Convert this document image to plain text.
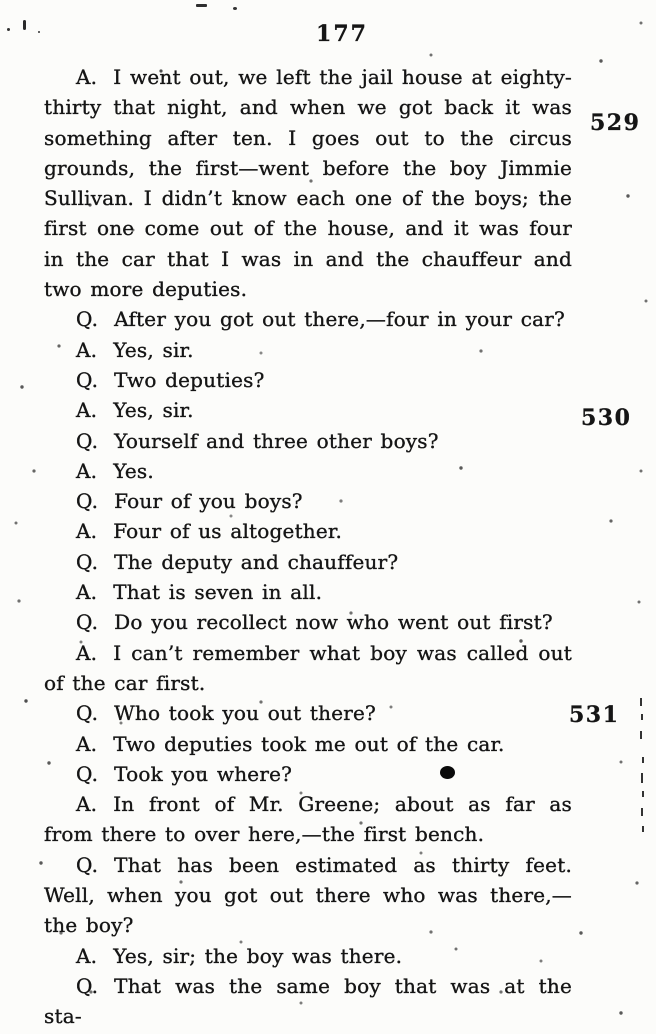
177
529
530
531

A. I went out, we left the jail house at eighty-thirty that night, and when we got back it was something after ten. I goes out to the circus grounds, the first—went before the boy Jimmie Sullivan. I didn’t know each one of the boys; the first one come out of the house, and it was four in the car that I was in and the chauffeur and two more deputies.

Q. After you got out there,—four in your car?

A. Yes, sir.

Q. Two deputies?

A. Yes, sir.

Q. Yourself and three other boys?

A. Yes.

Q. Four of you boys?

A. Four of us altogether.

Q. The deputy and chauffeur?

A. That is seven in all.

Q. Do you recollect now who went out first?

A. I can’t remember what boy was called out of the car first.

Q. Who took you out there?

A. Two deputies took me out of the car.

Q. Took you where?

A. In front of Mr. Greene; about as far as from there to over here,—the first bench.

Q. That has been estimated as thirty feet. Well, when you got out there who was there,—the boy?

A. Yes, sir; the boy was there.

Q. That was the same boy that was at the sta-
